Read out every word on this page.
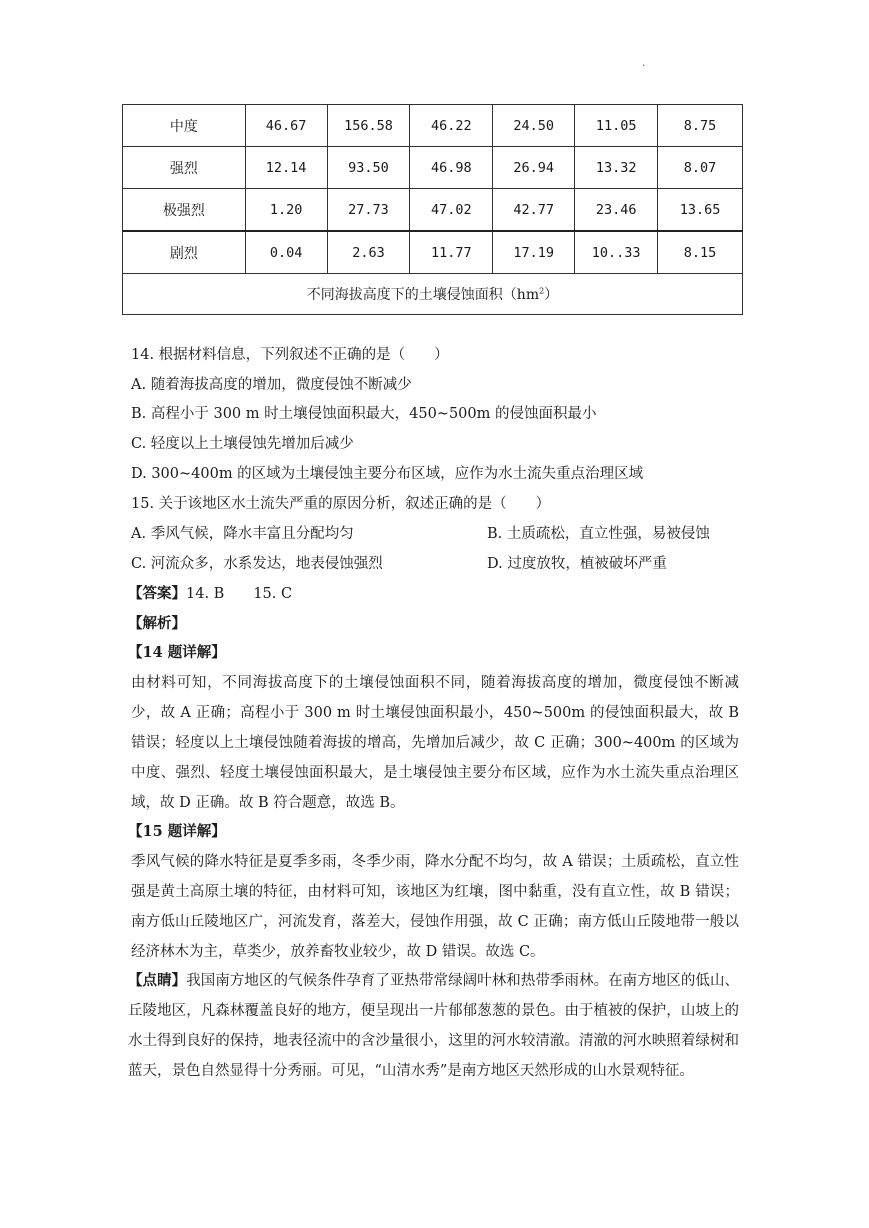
.
中度	46.67	156.58	46.22	24.50	11.05	8.75
强烈	12.14	93.50	46.98	26.94	13.32	8.07
极强烈	1.20	27.73	47.02	42.77	23.46	13.65
剧烈	0.04	2.63	11.77	17.19	10..33	8.15
不同海拔高度下的土壤侵蚀面积$(hm^2)$						
14. 根据材料信息，下列叙述不正确的是（　　）
A. 随着海拔高度的增加，微度侵蚀不断减少
B. 高程小于 300 m 时土壤侵蚀面积最大，450~500m 的侵蚀面积最小
C. 轻度以上土壤侵蚀先增加后减少
D. 300~400m 的区域为土壤侵蚀主要分布区域，应作为水土流失重点治理区域
15. 关于该地区水土流失严重的原因分析，叙述正确的是（　　）
A. 季风气候，降水丰富且分配均匀	B. 土质疏松，直立性强，易被侵蚀
C. 河流众多，水系发达，地表侵蚀强烈	D. 过度放牧，植被破坏严重
【答案】14. B　　15. C
【解析】
【14 题详解】
由材料可知，不同海拔高度下的土壤侵蚀面积不同，随着海拔高度的增加，微度侵蚀不断减少，故 A 正确；高程小于 300 m 时土壤侵蚀面积最小，450~500m 的侵蚀面积最大，故 B 错误；轻度以上土壤侵蚀随着海拔的增高，先增加后减少，故 C 正确；300~400m 的区域为中度、强烈、轻度土壤侵蚀面积最大，是土壤侵蚀主要分布区域，应作为水土流失重点治理区域，故 D 正确。故 B 符合题意，故选 B。
【15 题详解】
季风气候的降水特征是夏季多雨，冬季少雨，降水分配不均匀，故 A 错误；土质疏松，直立性强是黄土高原土壤的特征，由材料可知，该地区为红壤，图中黏重，没有直立性，故 B 错误；南方低山丘陵地区广，河流发育，落差大，侵蚀作用强，故 C 正确；南方低山丘陵地带一般以经济林木为主，草类少，放养畜牧业较少，故 D 错误。故选 C。
【点睛】我国南方地区的气候条件孕育了亚热带常绿阔叶林和热带季雨林。在南方地区的低山、丘陵地区，凡森林覆盖良好的地方，便呈现出一片郁郁葱葱的景色。由于植被的保护，山坡上的水土得到良好的保持，地表径流中的含沙量很小，这里的河水较清澈。清澈的河水映照着绿树和蓝天，景色自然显得十分秀丽。可见，“山清水秀”是南方地区天然形成的山水景观特征。
